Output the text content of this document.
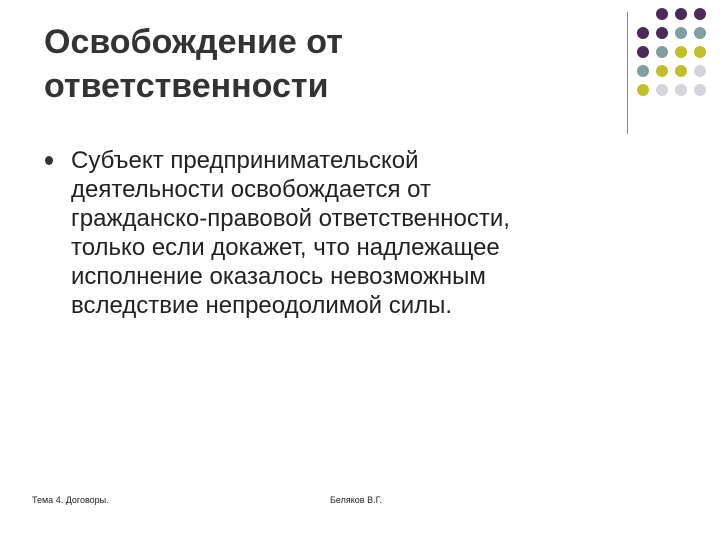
Освобождение от
ответственности
Субъект предпринимательской
деятельности освобождается от
гражданско-правовой ответственности,
только если докажет, что надлежащее
исполнение оказалось невозможным
вследствие непреодолимой силы.
Тема 4. Договоры.	Беляков В.Г.
